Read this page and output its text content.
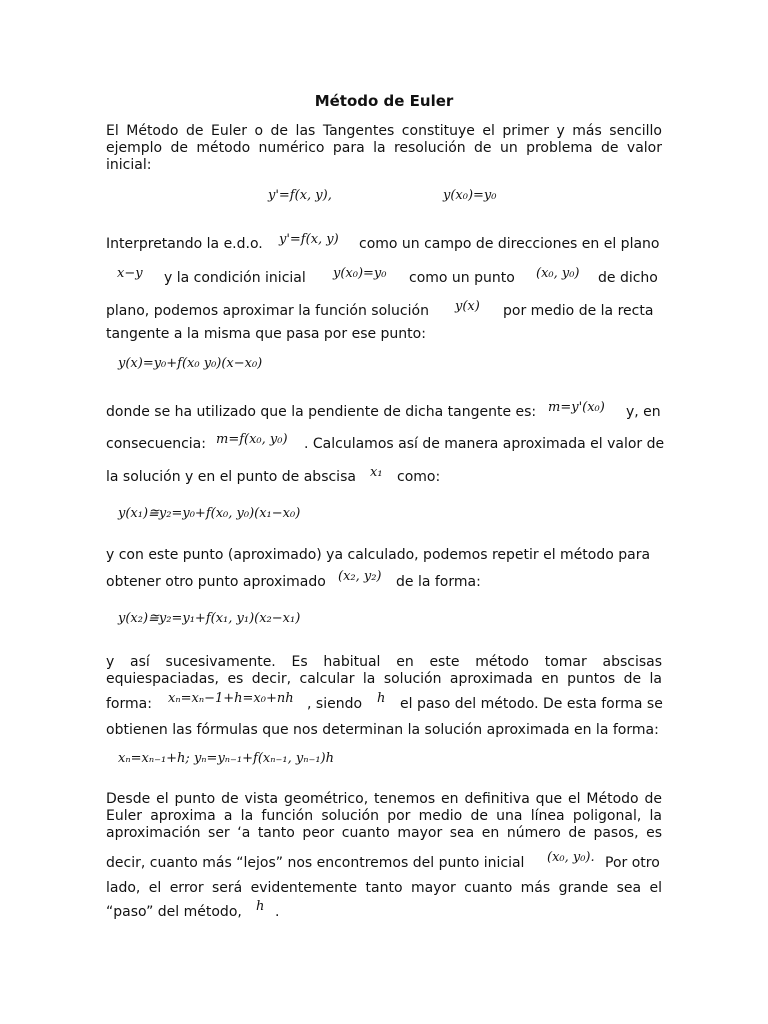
Método de Euler
El Método de Euler o de las Tangentes constituye el primer y más sencillo ejemplo de método numérico para la resolución de un problema de valor inicial:
y'=f(x, y),	y(x₀)=y₀
Interpretando la e.d.o.	y'=f(x, y) como un campo de direcciones en el plano
x−y y la condición inicial	y(x₀)=y₀ como un punto	(x₀, y₀) de dicho
plano, podemos aproximar la función solución	y(x) por medio de la recta
tangente a la misma que pasa por ese punto:
y(x)=y₀+f(x₀ y₀)(x−x₀)
donde se ha utilizado que la pendiente de dicha tangente es: m=y'(x₀) y, en
consecuencia: m=f(x₀, y₀) . Calculamos así de manera aproximada el valor de
la solución y en el punto de abscisa	x₁ como:
y(x₁)≅y₂=y₀+f(x₀, y₀)(x₁−x₀)
y con este punto (aproximado) ya calculado, podemos repetir el método para
obtener otro punto aproximado (x₂, y₂) de la forma:
y(x₂)≅y₂=y₁+f(x₁, y₁)(x₂−x₁)
y así sucesivamente. Es habitual en este método tomar abscisas equiespaciadas, es decir, calcular la solución aproximada en puntos de la
forma:	xₙ=xₙ−1+h=x₀+nh , siendo	h el paso del método. De esta forma se
obtienen las fórmulas que nos determinan la solución aproximada en la forma:
xₙ=xₙ₋₁+h; yₙ=yₙ₋₁+f(xₙ₋₁, yₙ₋₁)h
Desde el punto de vista geométrico, tenemos en definitiva que el Método de Euler aproxima a la función solución por medio de una línea poligonal, la aproximación ser ‘a tanto peor cuanto mayor sea en número de pasos, es
decir, cuanto más “lejos” nos encontremos del punto inicial	(x₀, y₀). Por otro
lado, el error será evidentemente tanto mayor cuanto más grande sea el
“paso” del método,	h .
